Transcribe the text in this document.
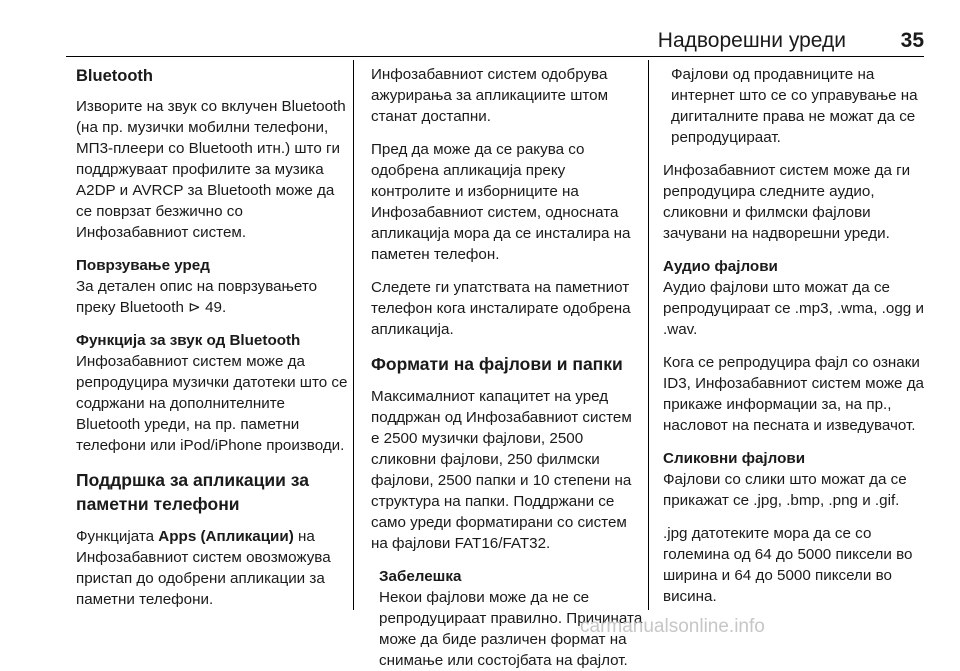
Надворешни уреди	35
Bluetooth

Изворите на звук со вклучен Bluetooth (на пр. музички мобилни телефони, МП3-плеери со Bluetooth итн.) што ги поддржуваат профилите за музика A2DP и AVRCP за Bluetooth може да се поврзат безжично со Инфозабавниот систем.

Поврзување уред

За детален опис на поврзувањето преку Bluetooth ⊳ 49.

Функција за звук од Bluetooth

Инфозабавниот систем може да репродуцира музички датотеки што се содржани на дополнителните Bluetooth уреди, на пр. паметни телефони или iPod/iPhone производи.

Поддршка за апликации за паметни телефони

Функцијата Apps (Апликации) на Инфозабавниот систем овозможува пристап до одобрени апликации за паметни телефони.

Инфозабавниот систем одобрува ажурирања за апликациите штом станат достапни.

Пред да може да се ракува со одобрена апликација преку контролите и изборниците на Инфозабавниот систем, односната апликација мора да се инсталира на паметен телефон.

Следете ги упатствата на паметниот телефон кога инсталирате одобрена апликација.

Формати на фајлови и папки

Максималниот капацитет на уред поддржан од Инфозабавниот систем е 2500 музички фајлови, 2500 сликовни фајлови, 250 филмски фајлови, 2500 папки и 10 степени на структура на папки. Поддржани се само уреди форматирани со систем на фајлови FAT16/FAT32.

Забелешка
Некои фајлови може да не се репродуцираат правилно. Причината може да биде различен формат на снимање или состојбата на фајлот.

Фајлови од продавниците на интернет што се со управување на дигиталните права не можат да се репродуцираат.

Инфозабавниот систем може да ги репродуцира следните аудио, сликовни и филмски фајлови зачувани на надворешни уреди.

Аудио фајлови

Аудио фајлови што можат да се репродуцираат се .mp3, .wma, .ogg и .wav.

Кога се репродуцира фајл со ознаки ID3, Инфозабавниот систем може да прикаже информации за, на пр., насловот на песната и изведувачот.

Сликовни фајлови

Фајлови со слики што можат да се прикажат се .jpg, .bmp, .png и .gif.

.jpg датотеките мора да се со големина од 64 до 5000 пиксели во ширина и 64 до 5000 пиксели во висина.

carmanualsonline.info
